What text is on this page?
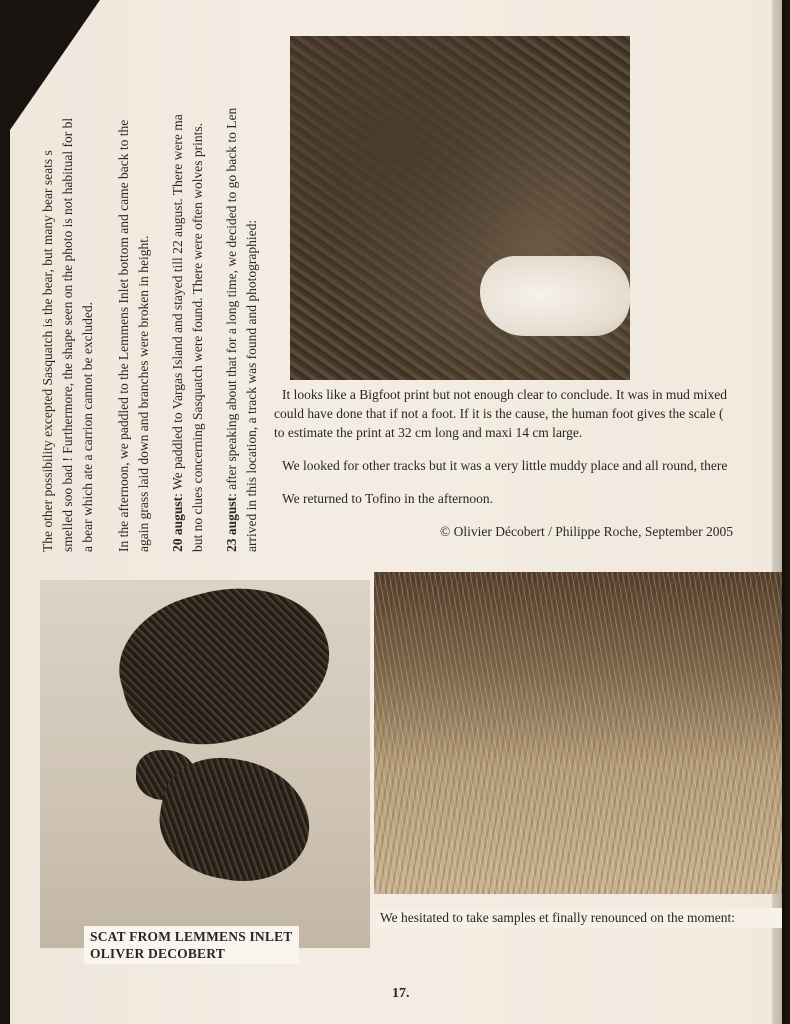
The other possibility excepted Sasquatch is the bear, but many bear seats s smelled soo bad ! Furthermore, the shape seen on the photo is not habitual for bl a bear which ate a carrion cannot be excluded. In the afternoon, we paddled to the Lemmens Inlet bottom and came back to the again grass laid down and branches were broken in height. 20 august: We paddled to Vargas Island and stayed till 22 august. There were ma but no clues concerning Sasquatch were found. There were often wolves prints. 23 august: after speaking about that for a long time, we decided to go back to Len arrived in this location, a track was found and photographied:	It looks like a Bigfoot print but not enough clear to conclude. It was in mud mixed
could have done that if not a foot. If it is the cause, the human foot gives the scale (
to estimate the print at 32 cm long and maxi 14 cm large.

We looked for other tracks but it was a very little muddy place and all round, there

We returned to Tofino in the afternoon.

© Olivier Décobert / Philippe Roche, September 2005
SCAT FROM LEMMENS INLET
OLIVER DECOBERT
We hesitated to take samples et finally renounced on the moment:
17.
